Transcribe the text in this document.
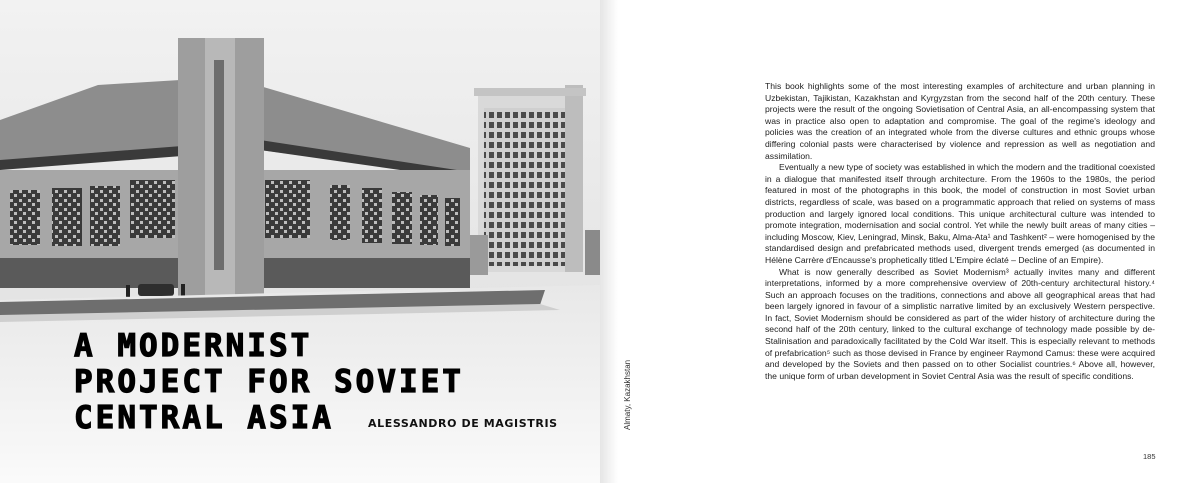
A MODERNIST
PROJECT FOR SOVIET
CENTRAL ASIA	ALESSANDRO DE MAGISTRIS	Almaty, Kazakhstan

This book highlights some of the most interesting examples of architecture and urban planning in Uzbekistan, Tajikistan, Kazakhstan and Kyrgyzstan from the second half of the 20th century. These projects were the result of the ongoing Sovietisation of Central Asia, an all-encompassing system that was in practice also open to adaptation and compromise. The goal of the regime's ideology and policies was the creation of an integrated whole from the diverse cultures and ethnic groups whose differing colonial pasts were characterised by violence and repression as well as negotiation and assimilation.

Eventually a new type of society was established in which the modern and the traditional coexisted in a dialogue that manifested itself through architecture. From the 1960s to the 1980s, the period featured in most of the photographs in this book, the model of construction in most Soviet urban districts, regardless of scale, was based on a programmatic approach that relied on systems of mass production and largely ignored local conditions. This unique architectural culture was intended to promote integration, modernisation and social control. Yet while the newly built areas of many cities – including Moscow, Kiev, Leningrad, Minsk, Baku, Alma-Ata¹ and Tashkent² – were homogenised by the standardised design and prefabricated methods used, divergent trends emerged (as documented in Hélène Carrère d'Encausse's prophetically titled L'Empire éclaté – Decline of an Empire).

What is now generally described as Soviet Modernism³ actually invites many and different interpretations, informed by a more comprehensive overview of 20th-century architectural history.⁴ Such an approach focuses on the traditions, connections and above all geographical areas that had been largely ignored in favour of a simplistic narrative limited by an exclusively Western perspective. In fact, Soviet Modernism should be considered as part of the wider history of architecture during the second half of the 20th century, linked to the cultural exchange of technology made possible by de-Stalinisation and paradoxically facilitated by the Cold War itself. This is especially relevant to methods of prefabrication⁵ such as those devised in France by engineer Raymond Camus: these were acquired and developed by the Soviets and then passed on to other Socialist countries.⁶ Above all, however, the unique form of urban development in Soviet Central Asia was the result of specific conditions.

185
